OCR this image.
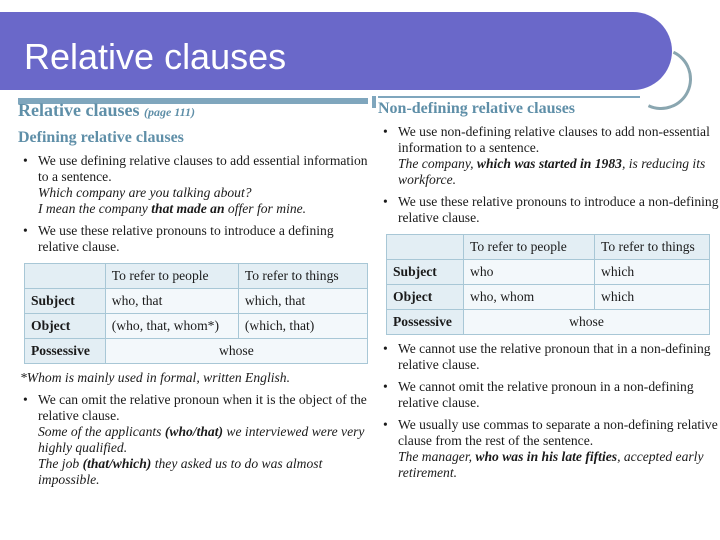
Relative clauses
Relative clauses (page 111)
Defining relative clauses
• We use defining relative clauses to add essential information to a sentence.
Which company are you talking about?
I mean the company that made an offer for mine.
• We use these relative pronouns to introduce a defining relative clause.
	To refer to people	To refer to things
Subject	who, that	which, that
Object	(who, that, whom*)	(which, that)
Possessive	whose	
*Whom is mainly used in formal, written English.
• We can omit the relative pronoun when it is the object of the relative clause.
Some of the applicants (who/that) we interviewed were very highly qualified.
The job (that/which) they asked us to do was almost impossible.
Non-defining relative clauses
• We use non-defining relative clauses to add non-essential information to a sentence.
The company, which was started in 1983, is reducing its workforce.
• We use these relative pronouns to introduce a non-defining relative clause.
	To refer to people	To refer to things
Subject	who	which
Object	who, whom	which
Possessive	whose	
• We cannot use the relative pronoun that in a non-defining relative clause.
• We cannot omit the relative pronoun in a non-defining relative clause.
• We usually use commas to separate a non-defining relative clause from the rest of the sentence.
The manager, who was in his late fifties, accepted early retirement.
